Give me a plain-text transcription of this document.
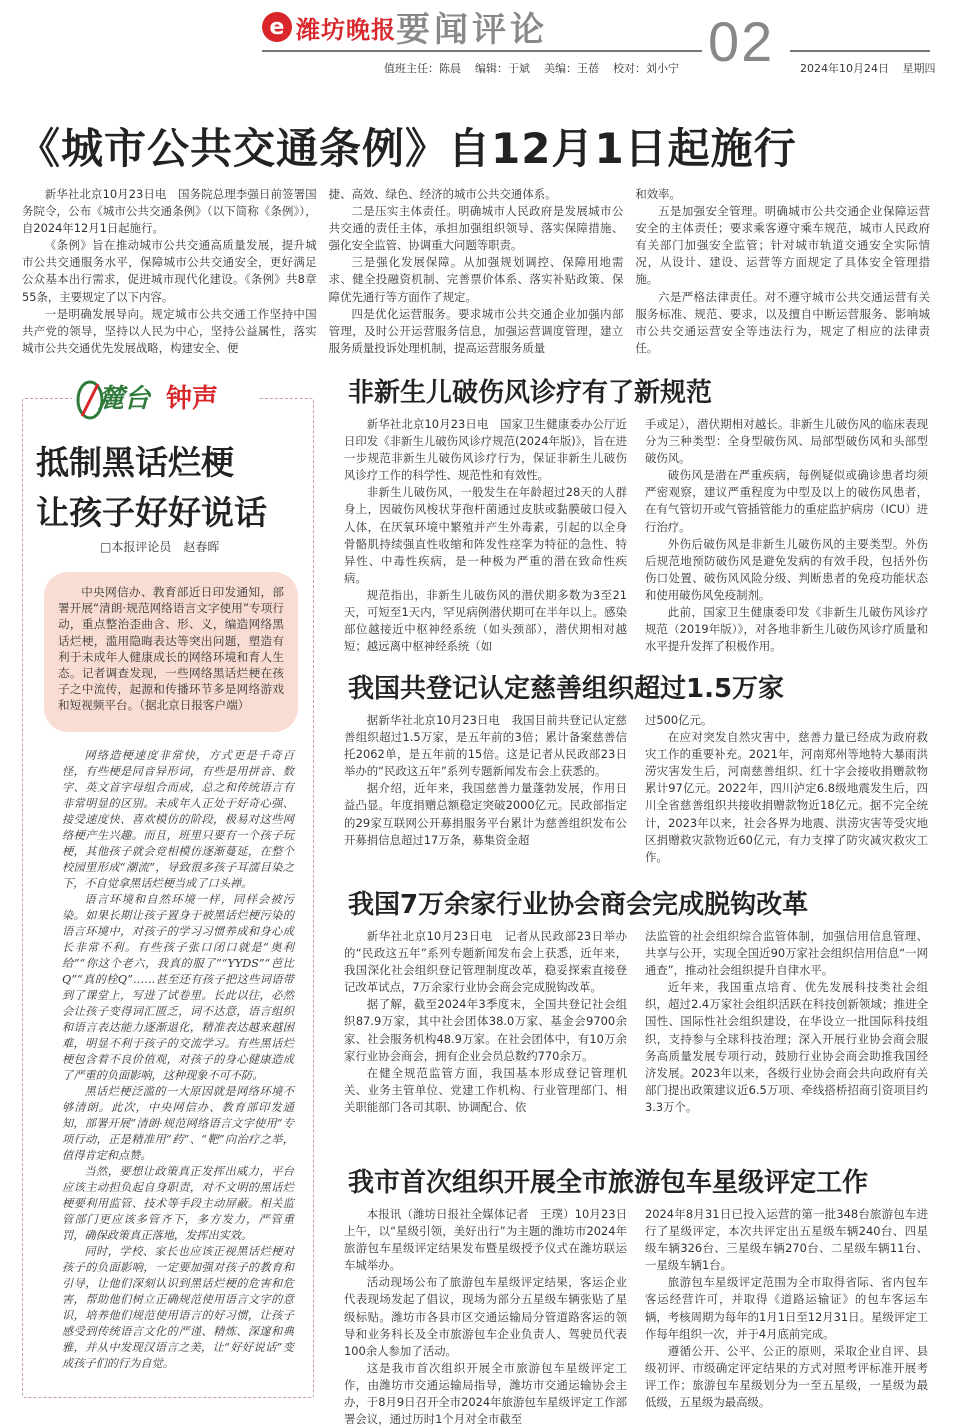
e 潍坊晚报 要闻评论	02
值班主任：陈晨 编辑：于斌 美编：王蓓 校对：刘小宁	2024年10月24日 星期四
《城市公共交通条例》自12月1日起施行

新华社北京10月23日电　国务院总理李强日前签署国务院令，公布《城市公共交通条例》（以下简称《条例》），自2024年12月1日起施行。

《条例》旨在推动城市公共交通高质量发展，提升城市公共交通服务水平，保障城市公共交通安全，更好满足公众基本出行需求，促进城市现代化建设。《条例》共8章55条，主要规定了以下内容。

一是明确发展导向。规定城市公共交通工作坚持中国共产党的领导，坚持以人民为中心，坚持公益属性，落实城市公共交通优先发展战略，构建安全、便

捷、高效、绿色、经济的城市公共交通体系。

二是压实主体责任。明确城市人民政府是发展城市公共交通的责任主体，承担加强组织领导、落实保障措施、强化安全监管、协调重大问题等职责。

三是强化发展保障。从加强规划调控、保障用地需求、健全投融资机制、完善票价体系、落实补贴政策、保障优先通行等方面作了规定。

四是优化运营服务。要求城市公共交通企业加强内部管理，及时公开运营服务信息，加强运营调度管理，建立服务质量投诉处理机制，提高运营服务质量

和效率。

五是加强安全管理。明确城市公共交通企业保障运营安全的主体责任；要求乘客遵守乘车规范，城市人民政府有关部门加强安全监管；针对城市轨道交通安全实际情况，从设计、建设、运营等方面规定了具体安全管理措施。

六是严格法律责任。对不遵守城市公共交通运营有关服务标准、规范、要求，以及擅自中断运营服务、影响城市公共交通运营安全等违法行为，规定了相应的法律责任。

麓台 钟声
抵制黑话烂梗
让孩子好好说话
□本报评论员　赵春晖

中央网信办、教育部近日印发通知，部署开展“清朗·规范网络语言文字使用”专项行动，重点整治歪曲含、形、义，编造网络黑话烂梗，滥用隐晦表达等突出问题，塑造有利于未成年人健康成长的网络环境和育人生态。记者调查发现，一些网络黑话烂梗在孩子之中流传，起源和传播环节多是网络游戏和短视频平台。（据北京日报客户端）

网络造梗速度非常快，方式更是千奇百怪，有些梗是同音异形词，有些是用拼音、数字、英文首字母组合而成，总之和传统语言有非常明显的区别。未成年人正处于好奇心强、接受速度快、喜欢模仿的阶段，极易对这些网络梗产生兴趣。而且，班里只要有一个孩子玩梗，其他孩子就会竞相模仿逐渐蔓延，在整个校园里形成“潮流”，导致很多孩子耳濡目染之下，不自觉拿黑话烂梗当成了口头禅。

语言环境和自然环境一样，同样会被污染。如果长期让孩子置身于被黑话烂梗污染的语言环境中，对孩子的学习习惯养成和身心成长非常不利。有些孩子张口闭口就是“奥利给”“你这个老六，我真的服了”“YYDS”“芭比Q”“真的栓Q”……甚至还有孩子把这些词语带到了课堂上，写进了试卷里。长此以往，必然会让孩子变得词汇匮乏，词不达意，语言组织和语言表达能力逐渐退化，精准表达越来越困难，明显不利于孩子的交流学习。有些黑话烂梗包含着不良价值观，对孩子的身心健康造成了严重的负面影响，这种现象不可不防。

黑话烂梗泛滥的一大原因就是网络环境不够清朗。此次，中央网信办、教育部印发通知，部署开展“清朗·规范网络语言文字使用”专项行动，正是精准用“药”、“靶”向治疗之举，值得肯定和点赞。

当然，要想让政策真正发挥出威力，平台应该主动担负起自身职责，对不文明的黑话烂梗要利用监管、技术等手段主动屏蔽。相关监管部门更应该多管齐下，多方发力，严管重罚，确保政策真正落地，发挥出实效。

同时，学校、家长也应该正视黑话烂梗对孩子的负面影响，一定要加强对孩子的教育和引导，让他们深刻认识到黑话烂梗的危害和危害，帮助他们树立正确规范使用语言文字的意识，培养他们规范使用语言的好习惯，让孩子感受到传统语言文化的严谨、精炼、深邃和典雅，并从中发现汉语言之美，让“好好说话”变成孩子们的行为自觉。

非新生儿破伤风诊疗有了新规范

新华社北京10月23日电　国家卫生健康委办公厅近日印发《非新生儿破伤风诊疗规范(2024年版)》，旨在进一步规范非新生儿破伤风诊疗行为，保证非新生儿破伤风诊疗工作的科学性、规范性和有效性。

非新生儿破伤风，一般发生在年龄超过28天的人群身上，因破伤风梭状芽孢杆菌通过皮肤或黏膜破口侵入人体，在厌氧环境中繁殖并产生外毒素，引起的以全身骨骼肌持续强直性收缩和阵发性痉挛为特征的急性、特异性、中毒性疾病，是一种极为严重的潜在致命性疾病。

规范指出，非新生儿破伤风的潜伏期多数为3至21天，可短至1天内，罕见病例潜伏期可在半年以上。感染部位越接近中枢神经系统（如头颈部），潜伏期相对越短；越远离中枢神经系统（如

手或足），潜伏期相对越长。非新生儿破伤风的临床表现分为三种类型：全身型破伤风、局部型破伤风和头部型破伤风。

破伤风是潜在严重疾病，每例疑似或确诊患者均须严密观察，建议严重程度为中型及以上的破伤风患者，在有气管切开或气管插管能力的重症监护病房（ICU）进行治疗。

外伤后破伤风是非新生儿破伤风的主要类型。外伤后规范地预防破伤风是避免发病的有效手段，包括外伤伤口处置、破伤风风险分级、判断患者的免疫功能状态和使用破伤风免疫制剂。

此前，国家卫生健康委印发《非新生儿破伤风诊疗规范（2019年版）》，对各地非新生儿破伤风诊疗质量和水平提升发挥了积极作用。

我国共登记认定慈善组织超过1.5万家

据新华社北京10月23日电　我国目前共登记认定慈善组织超过1.5万家，是五年前的3倍；累计备案慈善信托2062单，是五年前的15倍。这是记者从民政部23日举办的“民政这五年”系列专题新闻发布会上获悉的。

据介绍，近年来，我国慈善力量蓬勃发展，作用日益凸显。年度捐赠总额稳定突破2000亿元。民政部指定的29家互联网公开募捐服务平台累计为慈善组织发布公开募捐信息超过17万条，募集资金超

过500亿元。

在应对突发自然灾害中，慈善力量已经成为政府救灾工作的重要补充。2021年，河南郑州等地特大暴雨洪涝灾害发生后，河南慈善组织、红十字会接收捐赠款物累计97亿元。2022年，四川泸定6.8级地震发生后，四川全省慈善组织共接收捐赠款物近18亿元。据不完全统计，2023年以来，社会各界为地震、洪涝灾害等受灾地区捐赠救灾款物近60亿元，有力支撑了防灾减灾救灾工作。

我国7万余家行业协会商会完成脱钩改革

新华社北京10月23日电　记者从民政部23日举办的“民政这五年”系列专题新闻发布会上获悉，近年来，我国深化社会组织登记管理制度改革，稳妥探索直接登记改革试点，7万余家行业协会商会完成脱钩改革。

据了解，截至2024年3季度末，全国共登记社会组织87.9万家，其中社会团体38.0万家、基金会9700余家、社会服务机构48.9万家。在社会团体中，有10万余家行业协会商会，拥有企业会员总数约770余万。

在健全规范监管方面，我国基本形成登记管理机关、业务主管单位、党建工作机构、行业管理部门、相关职能部门各司其职、协调配合、依

法监管的社会组织综合监管体制，加强信用信息管理、共享与公开，实现全国近90万家社会组织信用信息“一网通查”，推动社会组织提升自律水平。

近年来，我国重点培育、优先发展科技类社会组织，超过2.4万家社会组织活跃在科技创新领域；推进全国性、国际性社会组织建设，在华设立一批国际科技组织，支持参与全球科技治理；深入开展行业协会商会服务高质量发展专项行动，鼓励行业协会商会助推我国经济发展。2023年以来，各级行业协会商会共向政府有关部门提出政策建议近6.5万项、牵线搭桥招商引资项目约3.3万个。

我市首次组织开展全市旅游包车星级评定工作

本报讯（潍坊日报社全媒体记者　王璞）10月23日上午，以“星级引领，美好出行”为主题的潍坊市2024年旅游包车星级评定结果发布暨星级授予仪式在潍坊联运车城举办。

活动现场公布了旅游包车星级评定结果，客运企业代表现场发起了倡议，现场为部分五星级车辆张贴了星级标贴。潍坊市各县市区交通运输局分管道路客运的领导和业务科长及全市旅游包车企业负责人、驾驶员代表100余人参加了活动。

这是我市首次组织开展全市旅游包车星级评定工作，由潍坊市交通运输局指导，潍坊市交通运输协会主办，于8月9日召开全市2024年旅游包车星级评定工作部署会议，通过历时1个月对全市截至

2024年8月31日已投入运营的第一批348台旅游包车进行了星级评定，本次共评定出五星级车辆240台、四星级车辆326台、三星级车辆270台、二星级车辆11台、一星级车辆1台。

旅游包车星级评定范围为全市取得省际、省内包车客运经营许可，并取得《道路运输证》的包车客运车辆，考核周期为每年的1月1日至12月31日。星级评定工作每年组织一次，并于4月底前完成。

遵循公开、公平、公正的原则，采取企业自评、县级初评、市级确定评定结果的方式对照考评标准开展考评工作；旅游包车星级划分为一至五星级，一星级为最低级，五星级为最高级。
